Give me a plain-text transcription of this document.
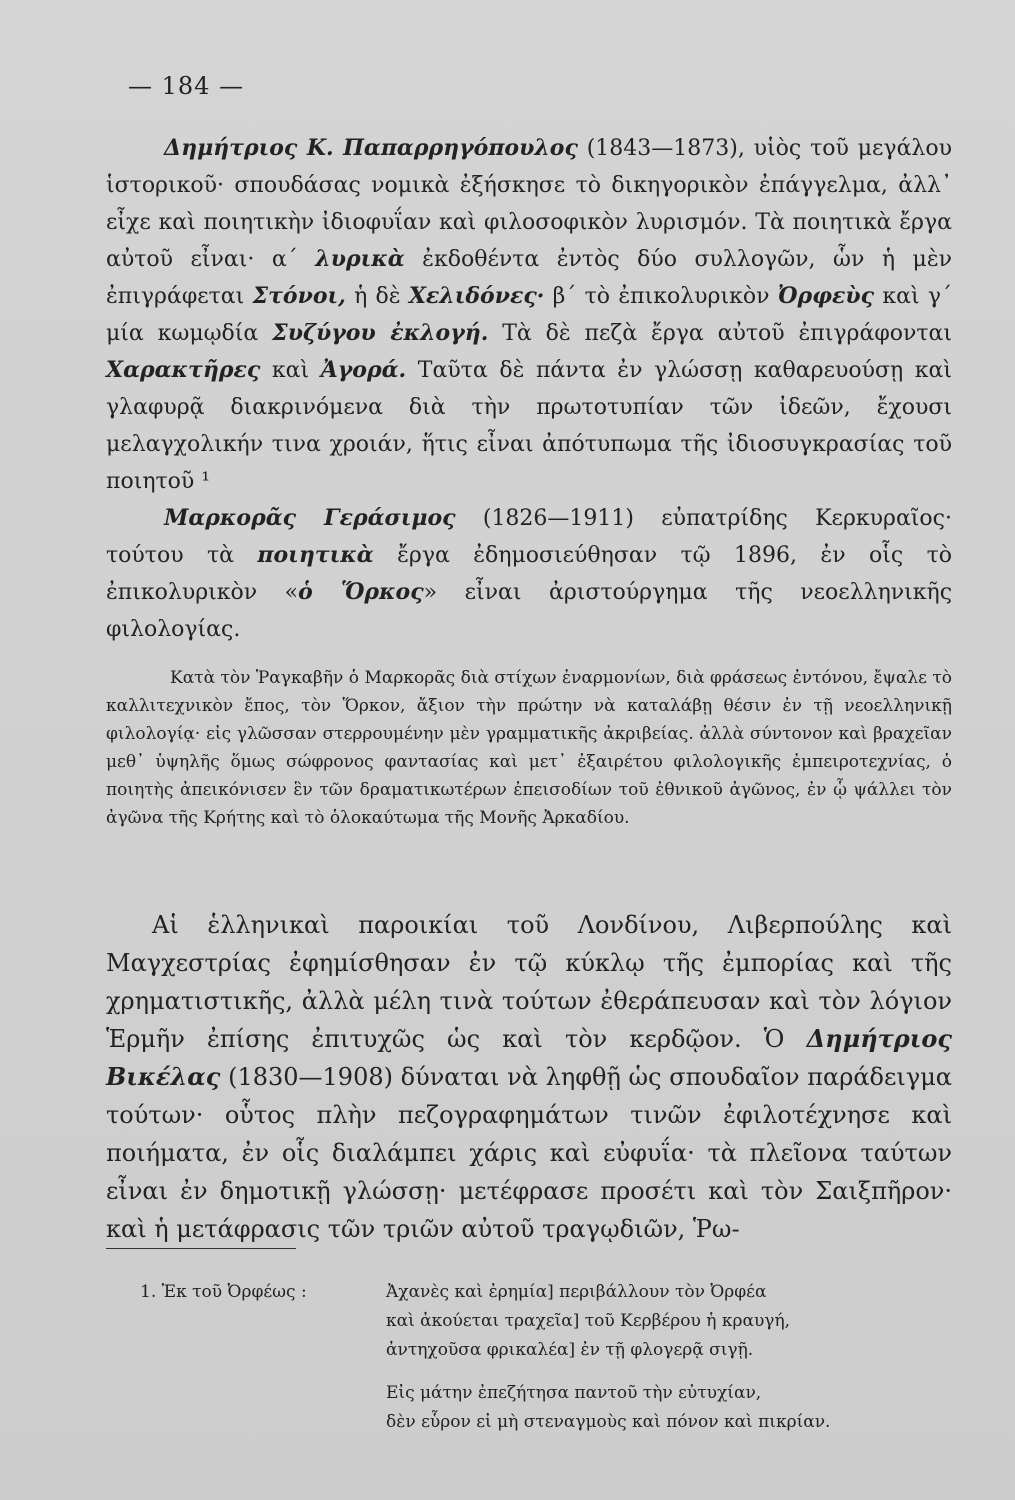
— 184 —

Δημήτριος Κ. Παπαρρηγόπουλος (1843—1873), υἱὸς τοῦ μεγάλου ἱστορικοῦ· σπουδάσας νομικὰ ἐξήσκησε τὸ δικηγορικὸν ἐπάγγελμα, ἀλλ᾿ εἶχε καὶ ποιητικὴν ἰδιοφυΐαν καὶ φιλοσοφικὸν λυρισμόν. Τὰ ποιητικὰ ἔργα αὐτοῦ εἶναι· α΄ λυρικὰ ἐκδοθέντα ἐντὸς δύο συλλογῶν, ὧν ἡ μὲν ἐπιγράφεται Στόνοι, ἡ δὲ Χελιδόνες· β΄ τὸ ἐπικολυρικὸν Ὀρφεὺς καὶ γ΄ μία κωμῳδία Συζύγου ἐκλογή. Τὰ δὲ πεζὰ ἔργα αὐτοῦ ἐπιγράφονται Χαρακτῆρες καὶ Ἀγορά. Ταῦτα δὲ πάντα ἐν γλώσσῃ καθαρευούσῃ καὶ γλαφυρᾷ διακρινόμενα διὰ τὴν πρωτοτυπίαν τῶν ἰδεῶν, ἔχουσι μελαγχολικήν τινα χροιάν, ἥτις εἶναι ἀπότυπωμα τῆς ἰδιοσυγκρασίας τοῦ ποιητοῦ ¹

Μαρκορᾶς Γεράσιμος (1826—1911) εὐπατρίδης Κερκυραῖος· τούτου τὰ ποιητικὰ ἔργα ἐδημοσιεύθησαν τῷ 1896, ἐν οἷς τὸ ἐπικολυρικὸν «ὁ Ὅρκος» εἶναι ἀριστούργημα τῆς νεοελληνικῆς φιλολογίας.

Κατὰ τὸν Ῥαγκαβῆν ὁ Μαρκορᾶς διὰ στίχων ἐναρμονίων, διὰ φράσεως ἐντόνου, ἔψαλε τὸ καλλιτεχνικὸν ἔπος, τὸν Ὅρκον, ἄξιον τὴν πρώτην νὰ καταλάβῃ θέσιν ἐν τῇ νεοελληνικῇ φιλολογίᾳ· εἰς γλῶσσαν στερρουμένην μὲν γραμματικῆς ἀκριβείας. ἀλλὰ σύντονον καὶ βραχεῖαν μεθ᾿ ὑψηλῆς ὅμως σώφρονος φαντασίας καὶ μετ᾿ ἐξαιρέτου φιλολογικῆς ἐμπειροτεχνίας, ὁ ποιητὴς ἀπεικόνισεν ἓν τῶν δραματικωτέρων ἐπεισοδίων τοῦ ἐθνικοῦ ἀγῶνος, ἐν ᾧ ψάλλει τὸν ἀγῶνα τῆς Κρήτης καὶ τὸ ὁλοκαύτωμα τῆς Μονῆς Ἀρκαδίου.

Αἱ ἑλληνικαὶ παροικίαι τοῦ Λονδίνου, Λιβερπούλης καὶ Μαγχεστρίας ἐφημίσθησαν ἐν τῷ κύκλῳ τῆς ἐμπορίας καὶ τῆς χρηματιστικῆς, ἀλλὰ μέλη τινὰ τούτων ἐθεράπευσαν καὶ τὸν λόγιον Ἑρμῆν ἐπίσης ἐπιτυχῶς ὡς καὶ τὸν κερδῷον. Ὁ Δημήτριος Βικέλας (1830—1908) δύναται νὰ ληφθῇ ὡς σπουδαῖον παράδειγμα τούτων· οὗτος πλὴν πεζογραφημάτων τινῶν ἐφιλοτέχνησε καὶ ποιήματα, ἐν οἷς διαλάμπει χάρις καὶ εὐφυΐα· τὰ πλεῖονα ταύτων εἶναι ἐν δημοτικῇ γλώσσῃ· μετέφρασε προσέτι καὶ τὸν Σαιξπῆρον· καὶ ἡ μετάφρασις τῶν τριῶν αὐτοῦ τραγῳδιῶν, Ῥω-

1. Ἐκ τοῦ Ὀρφέως :	Ἀχανὲς καὶ ἐρημία] περιβάλλουν τὸν Ὀρφέα
καὶ ἀκούεται τραχεῖα] τοῦ Κερβέρου ἡ κραυγή,
ἀντηχοῦσα φρικαλέα] ἐν τῇ φλογερᾷ σιγῇ.

Εἰς μάτην ἐπεζήτησα παντοῦ τὴν εὐτυχίαν,
δὲν εὗρον εἰ μὴ στεναγμοὺς καὶ πόνον καὶ πικρίαν.
